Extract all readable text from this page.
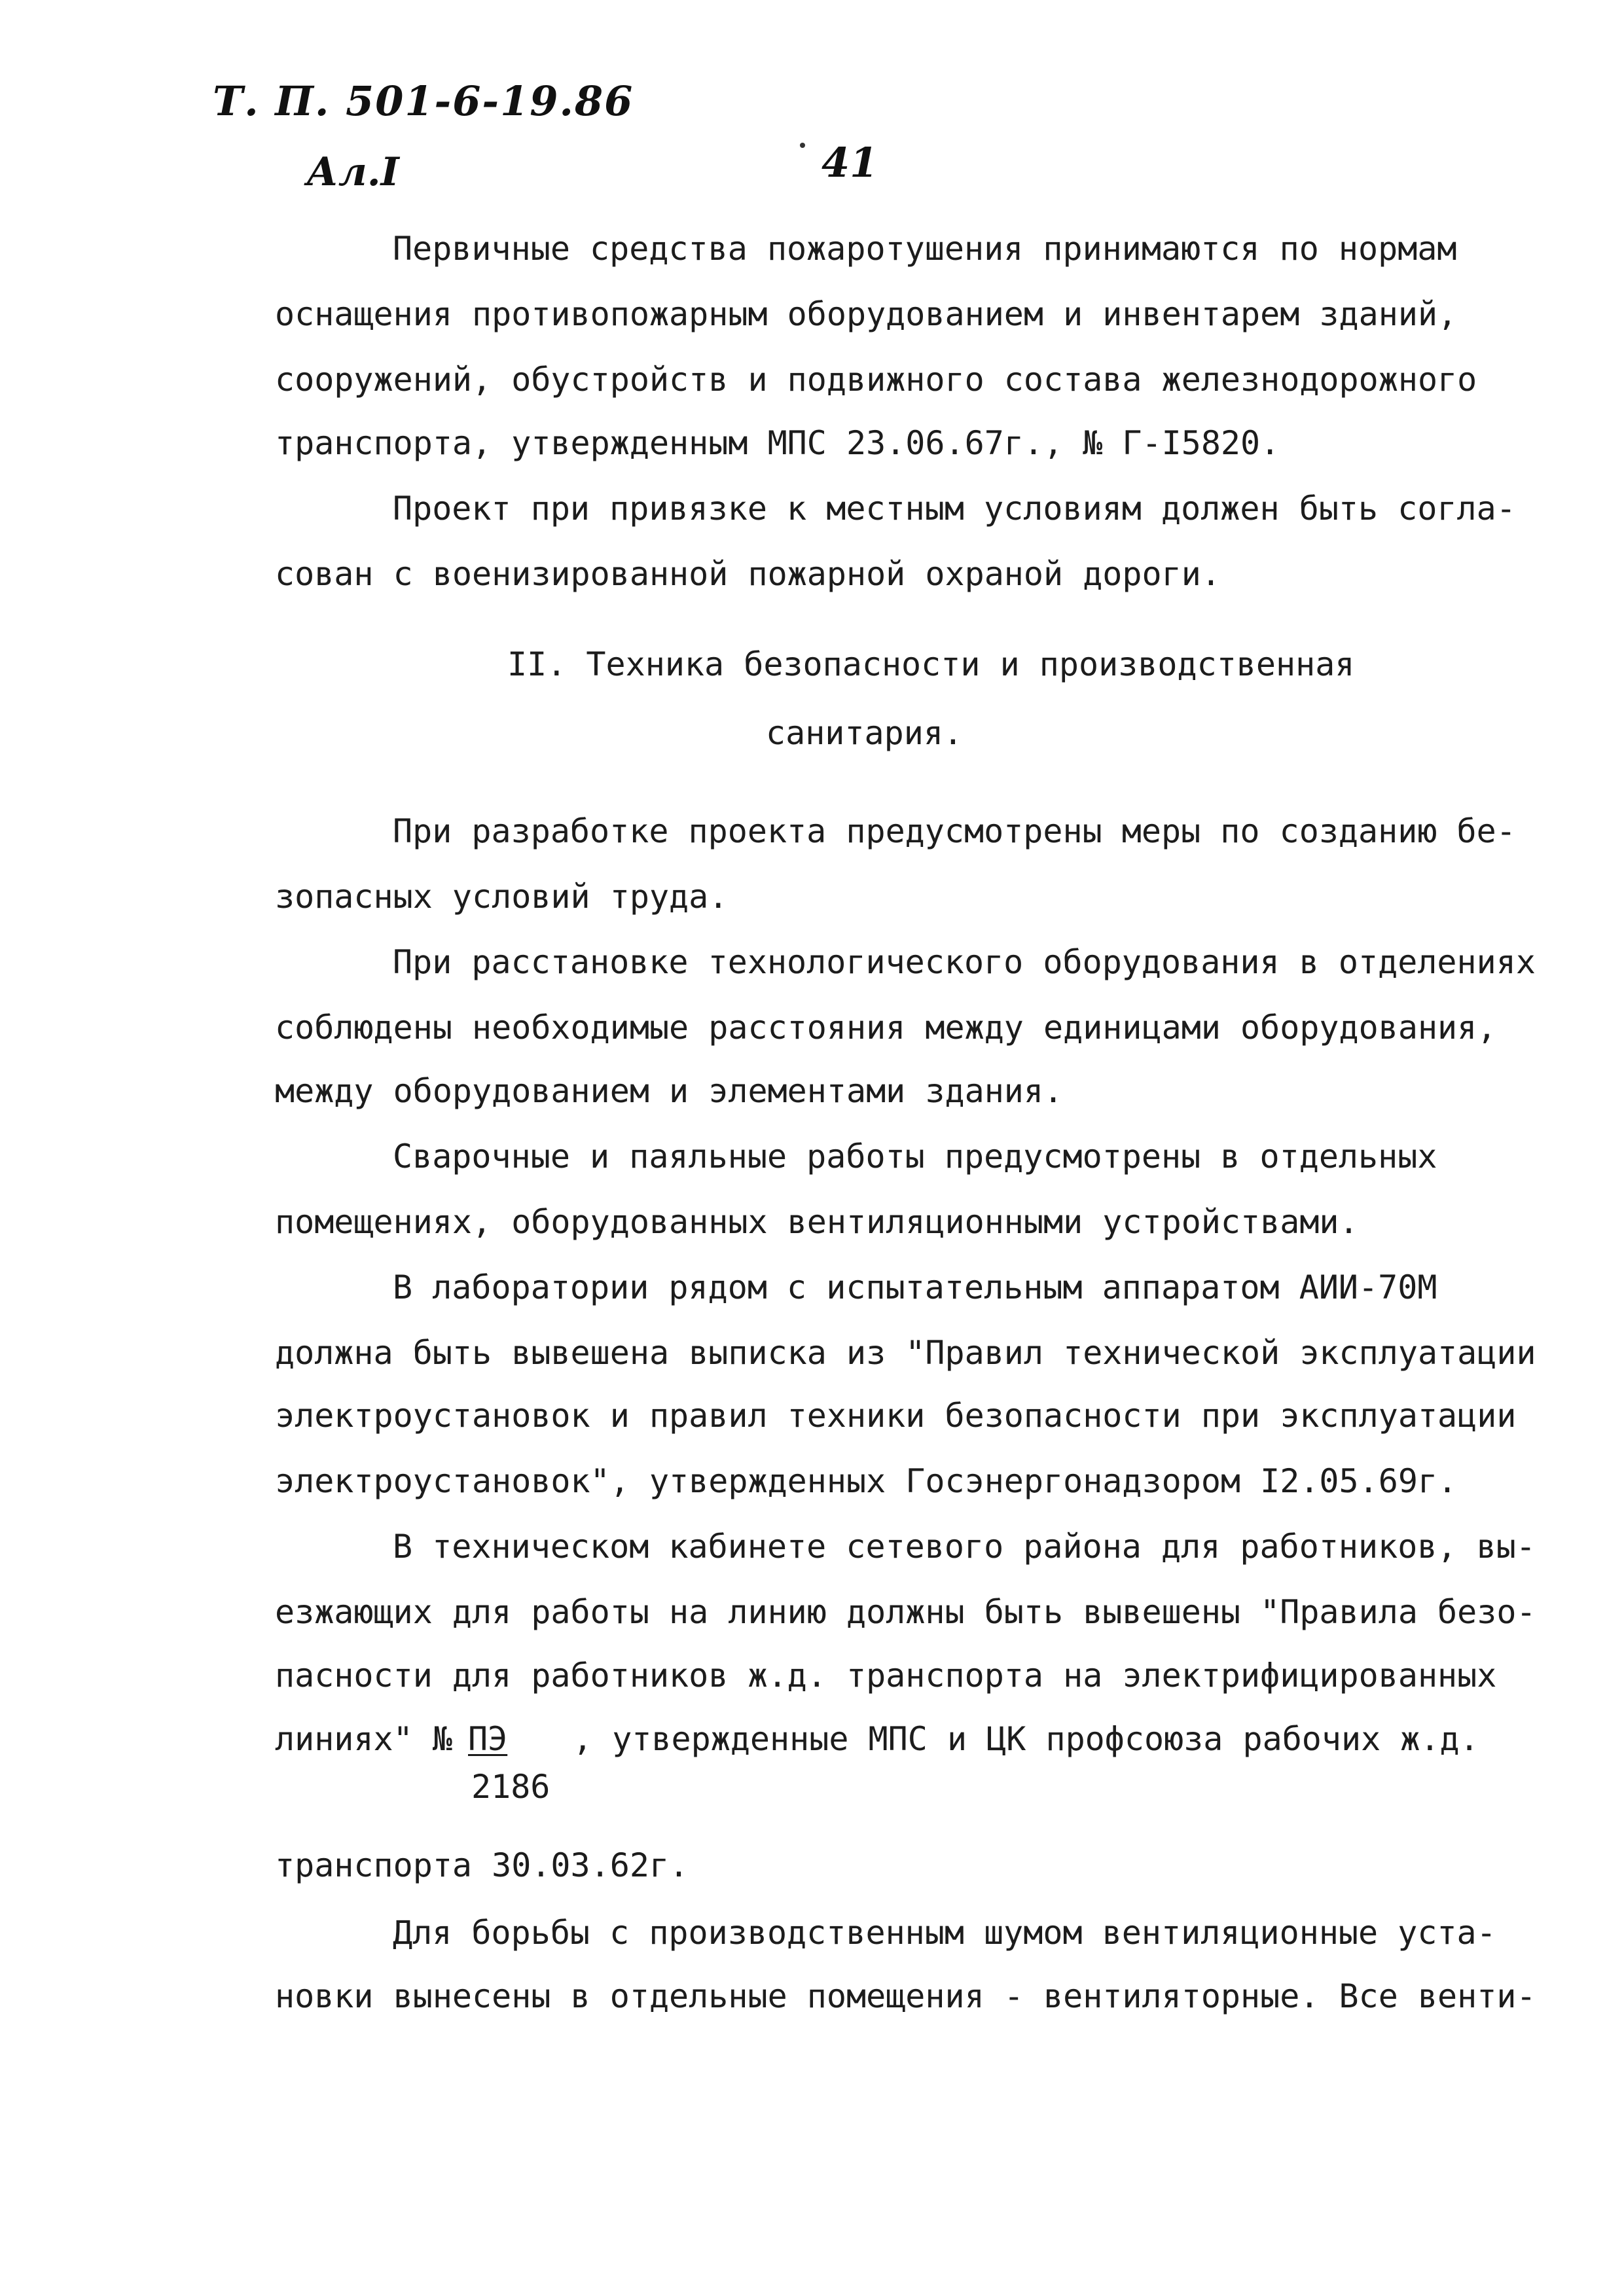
Т. П. 501-6-19.86
Ал.I	41
Первичные средства пожаротушения принимаются по нормам
оснащения противопожарным оборудованием и инвентарем зданий,
сооружений, обустройств и подвижного состава железнодорожного
транспорта, утвержденным МПС 23.06.67г., № Г-I5820.
Проект при привязке к местным условиям должен быть согла-
сован с военизированной пожарной охраной дороги.
II. Техника безопасности и производственная
санитария.
При разработке проекта предусмотрены меры по созданию бе-
зопасных условий труда.
При расстановке технологического оборудования в отделениях
соблюдены необходимые расстояния между единицами оборудования,
между оборудованием и элементами здания.
Сварочные и паяльные работы предусмотрены в отдельных
помещениях, оборудованных вентиляционными устройствами.
В лаборатории рядом с испытательным аппаратом АИИ-70М
должна быть вывешена выписка из "Правил технической эксплуатации
электроустановок и правил техники безопасности при эксплуатации
электроустановок", утвержденных Госэнергонадзором I2.05.69г.
В техническом кабинете сетевого района для работников, вы-
езжающих для работы на линию должны быть вывешены "Правила безо-
пасности для работников ж.д. транспорта на электрифицированных
линиях" № ПЭ , утвержденные МПС и ЦК профсоюза рабочих ж.д.
2186
транспорта 30.03.62г.
Для борьбы с производственным шумом вентиляционные уста-
новки вынесены в отдельные помещения - вентиляторные. Все венти-
